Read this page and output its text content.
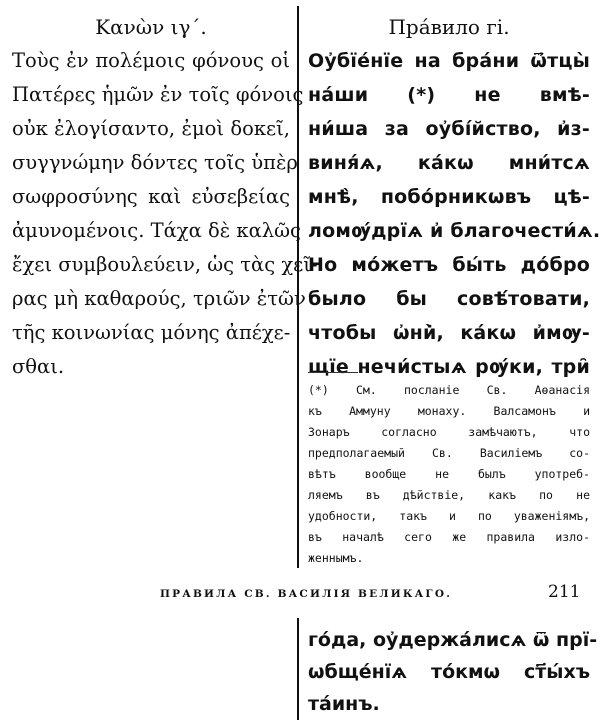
Κανὼν ιγ΄.
Τοὺς ἐν πολέμοις φόνους οἱ
Πατέρες ἡμῶν ἐν τοῖς φόνοις
οὐκ ἐλογίσαντο, ἐμοὶ δοκεῖ,
συγγνώμην δόντες τοῖς ὑπὲρ
σωφροσύνης καὶ εὐσεβείας
ἀμυνομένοις. Τάχα δὲ καλῶς
ἔχει συμβουλεύειν, ὡς τὰς χεῖ-
ρας μὴ καθαρούς, τριῶν ἐτῶν
τῆς κοινωνίας μόνης ἀπέχε-
σθαι.
Прáвило гі.
Оу҆бїе́нїе на бра́ни ѿ҆тцы̀
на́ши (*) не вмѣ-
ни́ша за оу҆бі́йство, и҆з-
виня́ѧ, ка́кѡ мни́тсѧ
мнѣ̀, побо́рникѡвъ цѣ-
ломѹ́дрїѧ и҆ благочести́ѧ.
Но мо́жетъ бы́ть до́бро
было бы совѣ́товати,
чтобы ѡ҆ни̇̀, ка́кѡ и҆мѹ-
щїе нечи́стыѧ рѹ́ки, три̑
(*) См. посланіе Св. Аѳанасія
къ Аммуну монаху. Валсамонъ и
Зонаръ согласно замѣчаютъ, что
предполагаемый Св. Василіемъ со-
вѣтъ вообще не былъ употреб-
ляемъ въ дѣйствіе, какъ по не
удобности, такъ и по уваженіямъ,
въ началѣ сего же правила изло-
женнымъ.
ПРАВИЛА СВ. ВАСИЛІЯ ВЕЛИКАГО.	211
го́да, оу҆держа́лисѧ ѿ прї-
ѡбще́нїѧ то́кмѡ ст҃ы́хъ
та́инъ.
